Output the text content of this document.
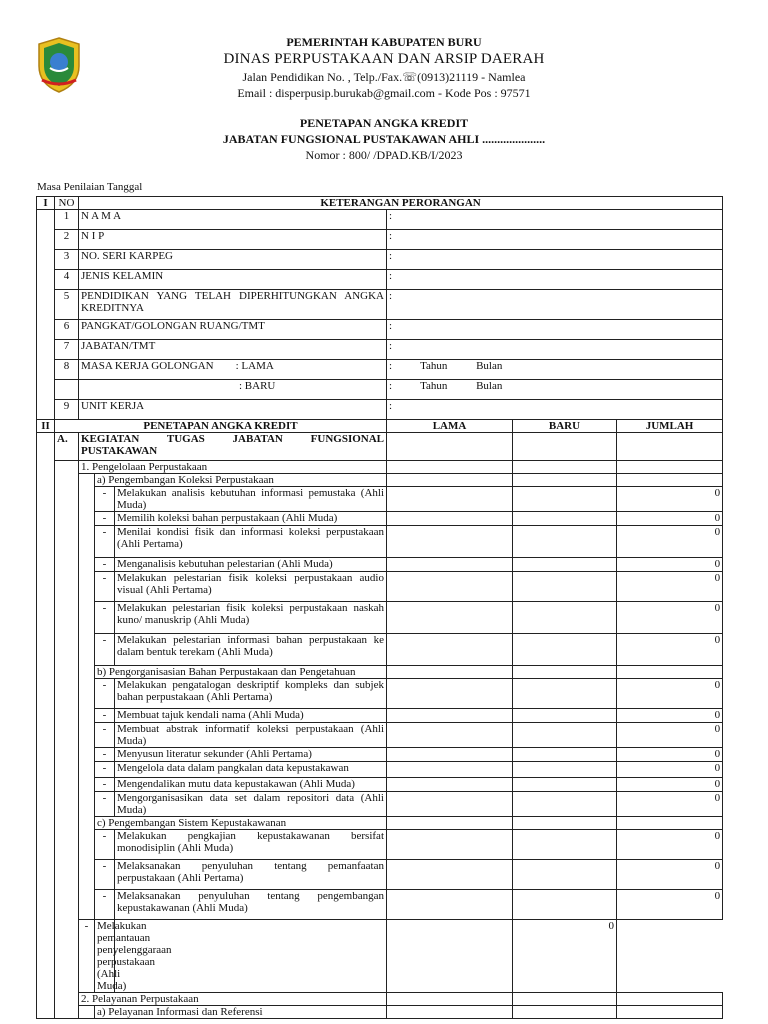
PEMERINTAH KABUPATEN BURU
DINAS PERPUSTAKAAN DAN ARSIP DAERAH
Jalan Pendidikan No. , Telp./Fax.☏(0913)21119 - Namlea
Email : disperpusip.burukab@gmail.com - Kode Pos : 97571
PENETAPAN ANGKA KREDIT
JABATAN FUNGSIONAL PUSTAKAWAN AHLI .....................
Nomor : 800/ /DPAD.KB/I/2023
Masa Penilaian Tanggal
I	NO	KETERANGAN PERORANGAN					
	1	N A M A			:		
	2	N I P			:		
	3	NO. SERI KARPEG			:		
	4	JENIS KELAMIN			:		
	5	PENDIDIKAN YANG TELAH DIPERHITUNGKAN ANGKA KREDITNYA			:		
	6	PANGKAT/GOLONGAN RUANG/TMT			:		
	7	JABATAN/TMT			:		
	8	MASA KERJA GOLONGAN : LAMA			: Tahun Bulan		
		: BARU			: Tahun Bulan		
	9	UNIT KERJA			:		
II	PENETAPAN ANGKA KREDIT				LAMA	BARU	JUMLAH
	A.	KEGIATAN TUGAS JABATAN FUNGSIONAL PUSTAKAWAN					
		1. Pengelolaan Perpustakaan					
			a) Pengembangan Koleksi Perpustakaan				
			-	Melakukan analisis kebutuhan informasi pemustaka (Ahli Muda)			0
			-	Memilih koleksi bahan perpustakaan (Ahli Muda)			0
			-	Menilai kondisi fisik dan informasi koleksi perpustakaan (Ahli Pertama)			0
			-	Menganalisis kebutuhan pelestarian (Ahli Muda)			0
			-	Melakukan pelestarian fisik koleksi perpustakaan audio visual (Ahli Pertama)			0
			-	Melakukan pelestarian fisik koleksi perpustakaan naskah kuno/ manuskrip (Ahli Muda)			0
			-	Melakukan pelestarian informasi bahan perpustakaan ke dalam bentuk terekam (Ahli Muda)			0
			b) Pengorganisasian Bahan Perpustakaan dan Pengetahuan				
			-	Melakukan pengatalogan deskriptif kompleks dan subjek bahan perpustakaan (Ahli Pertama)			0
			-	Membuat tajuk kendali nama (Ahli Muda)			0
			-	Membuat abstrak informatif koleksi perpustakaan (Ahli Muda)			0
			-	Menyusun literatur sekunder (Ahli Pertama)			0
			-	Mengelola data dalam pangkalan data kepustakawan			0
			-	Mengendalikan mutu data kepustakawan (Ahli Muda)			0
			-	Mengorganisasikan data set dalam repositori data (Ahli Muda)			0
			c) Pengembangan Sistem Kepustakawanan				
			-	Melakukan pengkajian kepustakawanan bersifat monodisiplin (Ahli Muda)			0
			-	Melaksanakan penyuluhan tentang pemanfaatan perpustakaan (Ahli Pertama)			0
			-	Melaksanakan penyuluhan tentang pengembangan kepustakawanan (Ahli Muda)			0
		-	Melakukan pemantauan penyelenggaraan perpustakaan (Ahli Muda)			0	
		2. Pelayanan Perpustakaan					
			a) Pelayanan Informasi dan Referensi				
